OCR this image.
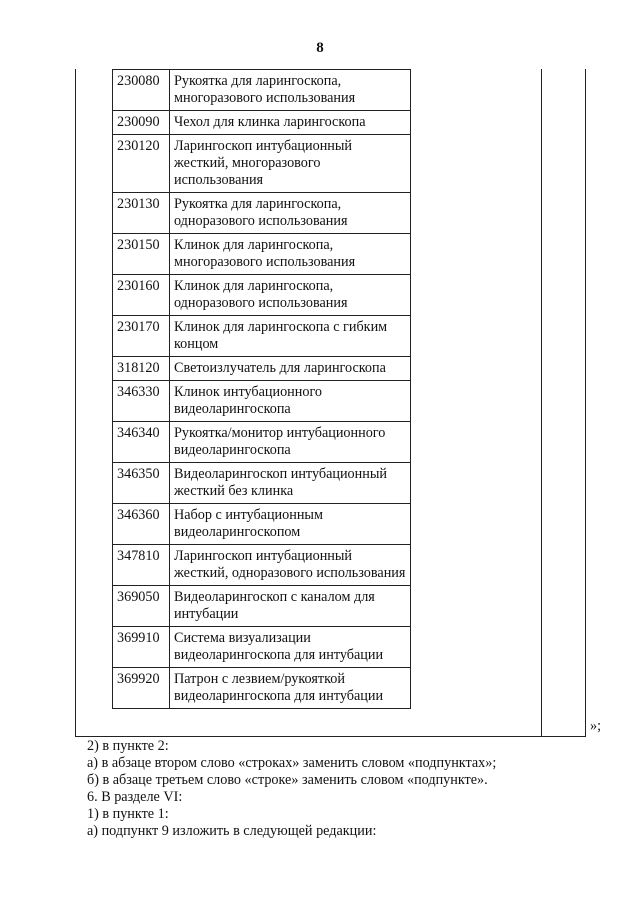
8
230080	Рукоятка для ларингоскопа, многоразового использования
230090	Чехол для клинка ларингоскопа
230120	Ларингоскоп интубационный жесткий, многоразового использования
230130	Рукоятка для ларингоскопа, одноразового использования
230150	Клинок для ларингоскопа, многоразового использования
230160	Клинок для ларингоскопа, одноразового использования
230170	Клинок для ларингоскопа с гибким концом
318120	Светоизлучатель для ларингоскопа
346330	Клинок интубационного видеоларингоскопа
346340	Рукоятка/монитор интубационного видеоларингоскопа
346350	Видеоларингоскоп интубационный жесткий без клинка
346360	Набор с интубационным видеоларингоскопом
347810	Ларингоскоп интубационный жесткий, одноразового использования
369050	Видеоларингоскоп с каналом для интубации
369910	Система визуализации видеоларингоскопа для интубации
369920	Патрон с лезвием/рукояткой видеоларингоскопа для интубации
»;

2) в пункте 2:

а) в абзаце втором слово «строках» заменить словом «подпунктах»;

б) в абзаце третьем слово «строке» заменить словом «подпункте».

6. В разделе VI:

1) в пункте 1:

а) подпункт 9 изложить в следующей редакции:
